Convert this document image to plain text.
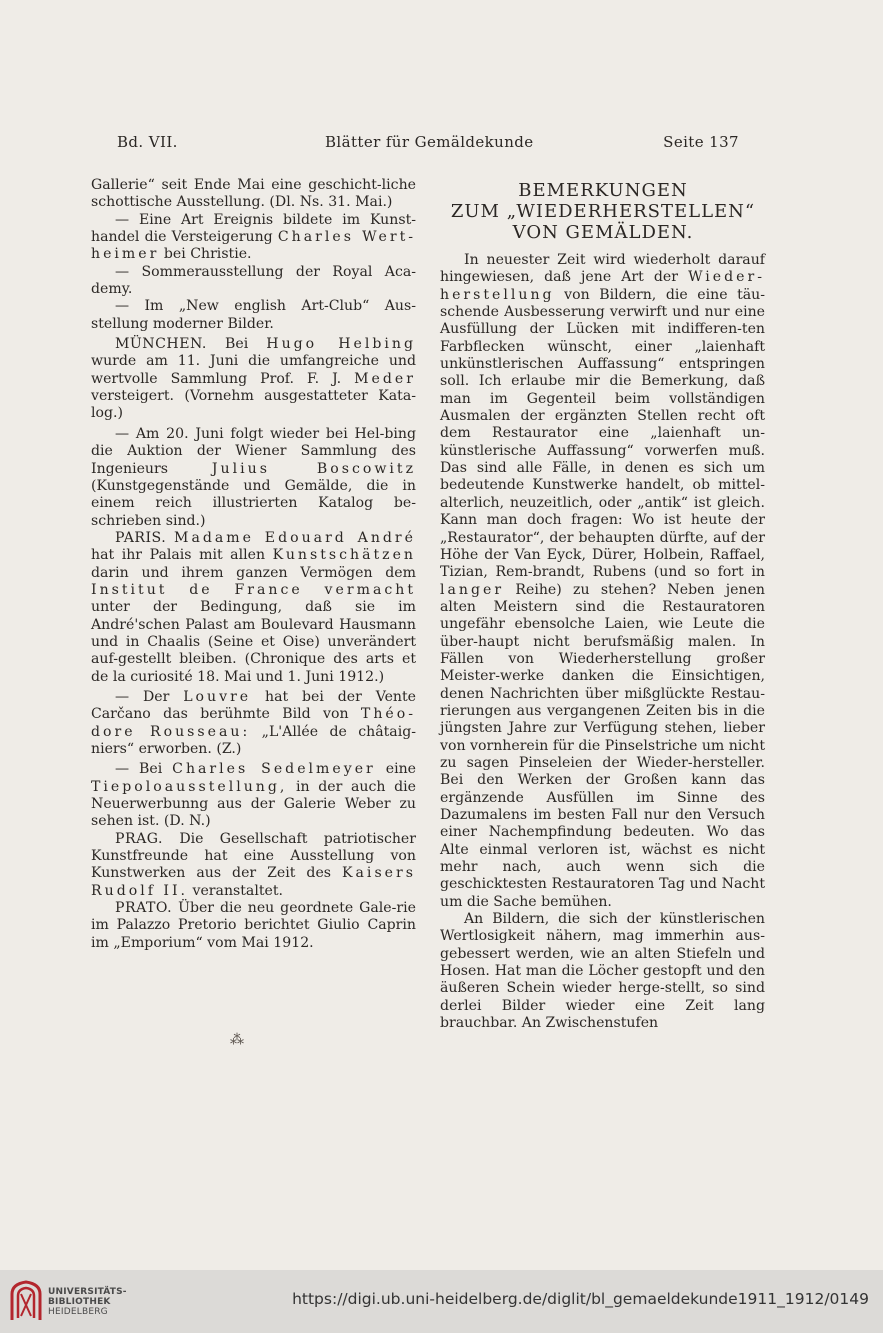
Bd. VII.	Blätter für Gemäldekunde	Seite 137

Gallerie“ seit Ende Mai eine geschicht-liche schottische Ausstellung. (Dl. Ns. 31. Mai.)

— Eine Art Ereignis bildete im Kunst-handel die Versteigerung Charles Wert-heimer bei Christie.

— Sommerausstellung der Royal Aca-demy.

— Im „New english Art-Club“ Aus-stellung moderner Bilder.

MÜNCHEN. Bei Hugo Helbing wurde am 11. Juni die umfangreiche und wertvolle Sammlung Prof. F. J. Meder versteigert. (Vornehm ausgestatteter Kata-log.)

— Am 20. Juni folgt wieder bei Hel-bing die Auktion der Wiener Sammlung des Ingenieurs	Julius Boscowitz (Kunstgegenstände und Gemälde, die in einem reich illustrierten Katalog be-schrieben sind.)

PARIS. Madame Edouard André hat ihr Palais mit allen Kunstschätzen darin und ihrem ganzen Vermögen dem Institut de France vermacht unter der Bedingung, daß sie im André'schen Palast am Boulevard Hausmann und in Chaalis (Seine et Oise) unverändert auf-gestellt bleiben. (Chronique des arts et de la curiosité 18. Mai und 1. Juni 1912.)

— Der Louvre hat bei der Vente Carčano das berühmte Bild von Théo-dore Rousseau: „L'Allée de châtaig-niers“ erworben. (Z.)

— Bei Charles Sedelmeyer eine Tiepoloausstellung, in der auch die Neuerwerbunng aus der Galerie Weber zu sehen ist. (D. N.)

PRAG. Die Gesellschaft patriotischer Kunstfreunde hat eine Ausstellung von Kunstwerken aus der Zeit des Kaisers Rudolf II. veranstaltet.

PRATO. Über die neu geordnete Gale-rie im Palazzo Pretorio berichtet Giulio Caprin im „Emporium“ vom Mai 1912.

⁂
BEMERKUNGEN
ZUM „WIEDERHERSTELLEN“
VON GEMÄLDEN.

In neuester Zeit wird wiederholt darauf hingewiesen, daß jene Art der Wieder-herstellung von Bildern, die eine täu-schende Ausbesserung verwirft und nur eine Ausfüllung der Lücken mit indifferen-ten Farbflecken wünscht, einer „laienhaft unkünstlerischen Auffassung“ entspringen soll. Ich erlaube mir die Bemerkung, daß man im Gegenteil beim vollständigen Ausmalen der ergänzten Stellen recht oft dem Restaurator eine „laienhaft un-künstlerische Auffassung“ vorwerfen muß. Das sind alle Fälle, in denen es sich um bedeutende Kunstwerke handelt, ob mittel-alterlich, neuzeitlich, oder „antik“ ist gleich. Kann man doch fragen: Wo ist heute der „Restaurator“, der behaupten dürfte, auf der Höhe der Van Eyck, Dürer, Holbein, Raffael, Tizian, Rem-brandt, Rubens (und so fort in langer Reihe) zu stehen? Neben jenen alten Meistern sind die Restauratoren ungefähr ebensolche Laien, wie Leute die über-haupt nicht berufsmäßig malen. In Fällen von Wiederherstellung großer Meister-werke danken die Einsichtigen, denen Nachrichten über mißglückte Restau-rierungen aus vergangenen Zeiten bis in die jüngsten Jahre zur Verfügung stehen, lieber von vornherein für die Pinselstriche um nicht zu sagen Pinseleien der Wieder-hersteller. Bei den Werken der Großen kann das ergänzende Ausfüllen im Sinne des Dazumalens im besten Fall nur den Versuch einer Nachempfindung bedeuten. Wo das Alte einmal verloren ist, wächst es nicht mehr nach, auch wenn sich die geschicktesten Restauratoren Tag und Nacht um die Sache bemühen.

An Bildern, die sich der künstlerischen Wertlosigkeit nähern, mag immerhin aus-gebessert werden, wie an alten Stiefeln und Hosen. Hat man die Löcher gestopft und den äußeren Schein wieder herge-stellt, so sind derlei Bilder wieder eine Zeit lang brauchbar. An Zwischenstufen

UNIVERSITÄTS-
BIBLIOTHEK
HEIDELBERG
https://digi.ub.uni-heidelberg.de/diglit/bl_gemaeldekunde1911_1912/0149
